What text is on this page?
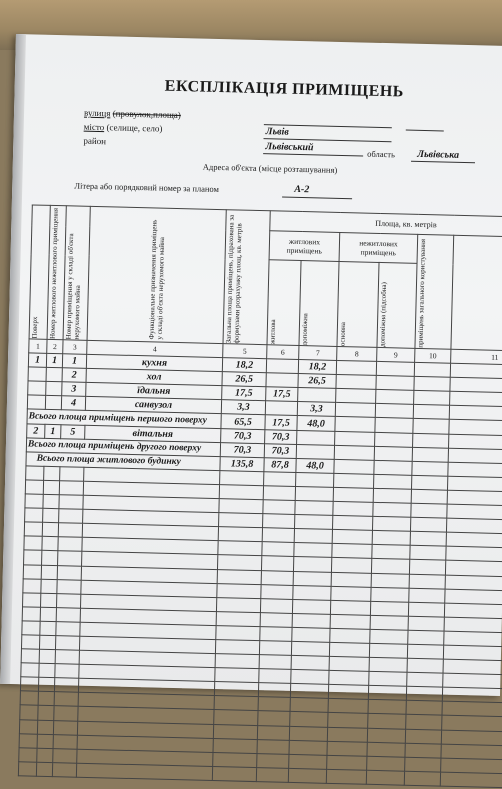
ЕКСПЛІКАЦІЯ ПРИМІЩЕНЬ
вулиця (провулок,площа)
місто (селище, село)	Львів
район
Львівський
область Львівська
Адреса об'єкта (місце розташування)
Літера або порядковий номер за планом	А-2
Поверх	Номер житлового нежитлового приміщення	Номер приміщення у складі об'єкта нерухомого майна	Функціональне призначення приміщень у складі об'єкта нерухомого майна	Загальна площа приміщень, підрахована за формулами розрахунку площ, кв. метрів	Площа, кв. метрів					
					житлових приміщень		нежитлових приміщень		приміщень загального користування	

					житлова	допоміжна	основна	допоміжна (підсобна)		

1	2	3	4	5	6	7	8	9	10	11
1	1	1	кухня	18,2		18,2				
		2	хол	26,5		26,5				
		3	їдальня	17,5	17,5					
		4	санвузол	3,3		3,3				
Всього площа приміщень першого поверху				65,5	17,5	48,0				
2	1	5	вітальня	70,3	70,3					
Всього площа приміщень другого поверху				70,3	70,3					
Всього площа житлового будинку				135,8	87,8	48,0				
